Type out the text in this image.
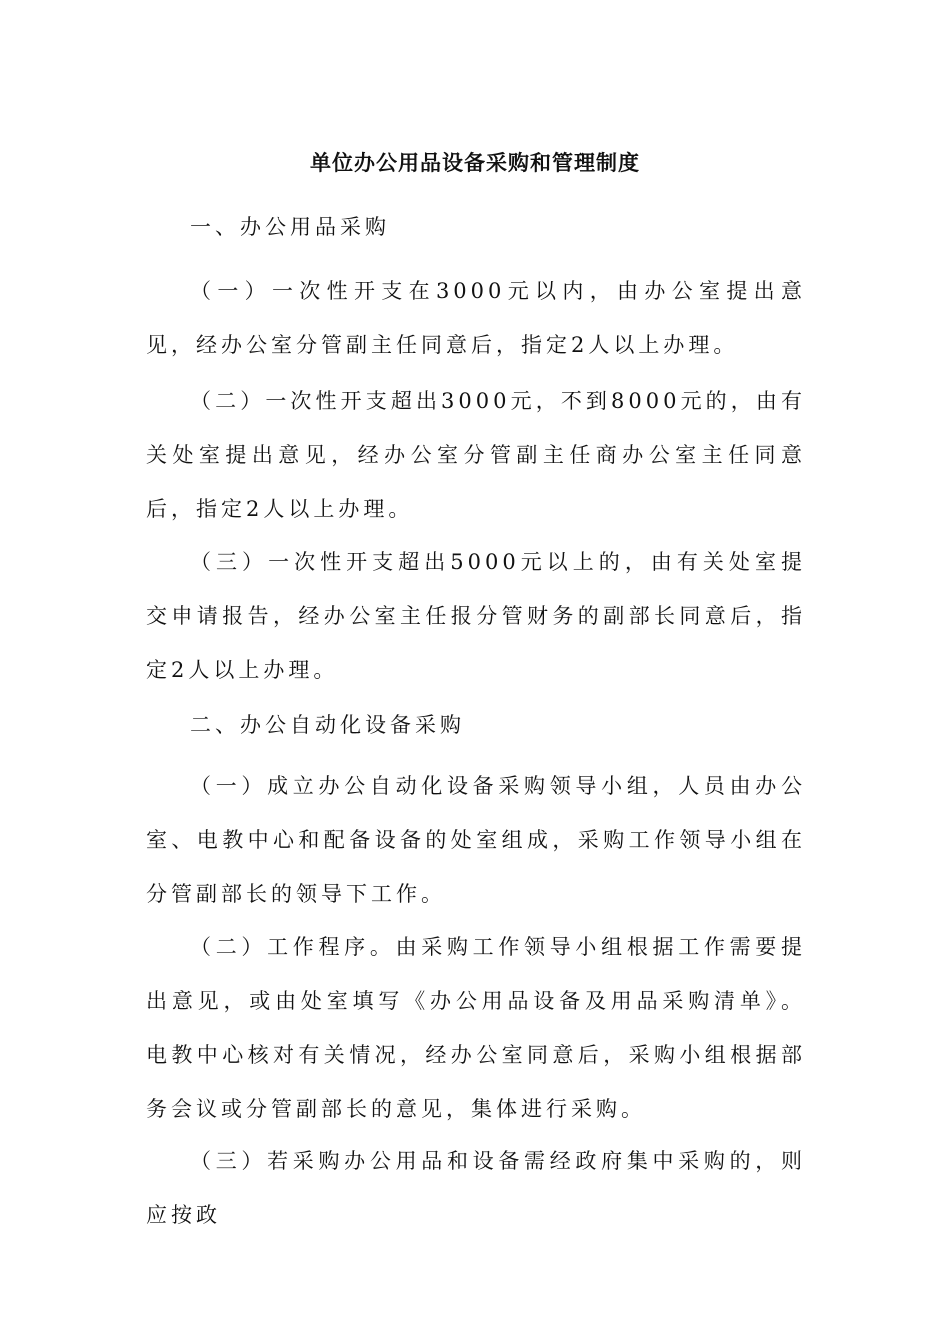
单位办公用品设备采购和管理制度

一、办公用品采购

（一）一次性开支在3000元以内，由办公室提出意见，经办公室分管副主任同意后，指定2人以上办理。

（二）一次性开支超出3000元，不到8000元的，由有关处室提出意见，经办公室分管副主任商办公室主任同意后，指定2人以上办理。

（三）一次性开支超出5000元以上的，由有关处室提交申请报告，经办公室主任报分管财务的副部长同意后，指定2人以上办理。

二、办公自动化设备采购

（一）成立办公自动化设备采购领导小组，人员由办公室、电教中心和配备设备的处室组成，采购工作领导小组在分管副部长的领导下工作。

（二）工作程序。由采购工作领导小组根据工作需要提出意见，或由处室填写《办公用品设备及用品采购清单》。电教中心核对有关情况，经办公室同意后，采购小组根据部务会议或分管副部长的意见，集体进行采购。

（三）若采购办公用品和设备需经政府集中采购的，则应按政
